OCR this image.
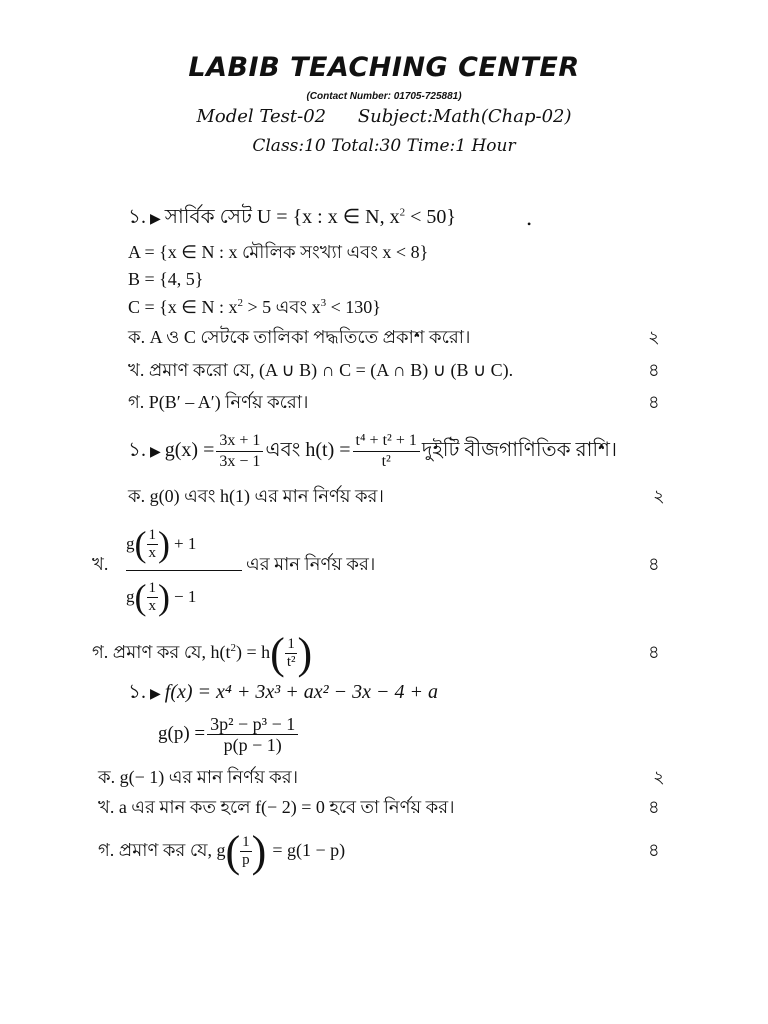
LABIB TEACHING CENTER
(Contact Number: 01705-725881)
Model Test-02 Subject:Math(Chap-02)
Class:10 Total:30 Time:1 Hour
১. ▶ সার্বিক সেট U = {x : x ∈ N, $x^2 < 50$}	•
A = {x ∈ N : x মৌলিক সংখ্যা এবং x < 8}
B = {4, 5}
C = {x ∈ N : $x^2 > 5$ এবং $x^3 < 130$}
ক. A ও C সেটকে তালিকা পদ্ধতিতে প্রকাশ করো।	২
খ. প্রমাণ করো যে, (A ∪ B) ∩ C = (A ∩ B) ∪ (B ∪ C).	৪
গ. P(B′ – A′) নির্ণয় করো।	৪
১. ▶ $g(x) = \frac{3x + 1}{3x - 1}$ এবং $h(t) = \frac{\text{t⁴ + t² + 1}}{\text{t²}}$ দুইটি বীজগাণিতিক রাশি।
ক. g(0) এবং h(1) এর মান নির্ণয় কর।	২
খ.
g ( 1
x ) + 1
g ( 1
x ) − 1
এর মান নির্ণয় কর।	৪
গ. প্রমাণ কর যে, $h(t^2) = h( \frac{1}{\text{t²}}$ )	৪
১. ▶ f(x) = x⁴ + 3x³ + ax² − 3x − 4 + a
$g(p) = \frac{\text{3p² − p³ − 1}}{p(p - 1)}$
ক. g(− 1) এর মান নির্ণয় কর।	২
খ. a এর মান কত হলে f(− 2) = 0 হবে তা নির্ণয় কর।	৪
গ. প্রমাণ কর যে, $g( \frac{1}{p}$ ) = g(1 − p)	৪
